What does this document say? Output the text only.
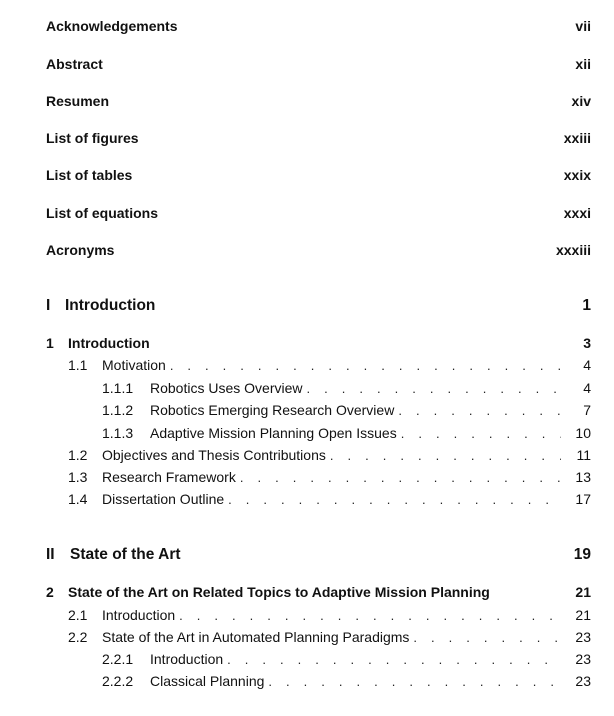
Acknowledgements	vii
Abstract	xii
Resumen	xiv
List of figures	xxiii
List of tables	xxix
List of equations	xxxi
Acronyms	xxxiii
I Introduction	1
1	Introduction	3
1.1	Motivation . . .	4
1.1.1	Robotics Uses Overview . . .	4
1.1.2	Robotics Emerging Research Overview . . .	7
1.1.3	Adaptive Mission Planning Open Issues . . .	10
1.2	Objectives and Thesis Contributions . . .	11
1.3	Research Framework . . .	13
1.4	Dissertation Outline . . .	17
II State of the Art	19
2	State of the Art on Related Topics to Adaptive Mission Planning	21
2.1	Introduction . . .	21
2.2	State of the Art in Automated Planning Paradigms . . .	23
2.2.1	Introduction . . .	23
2.2.2	Classical Planning . . .	23
